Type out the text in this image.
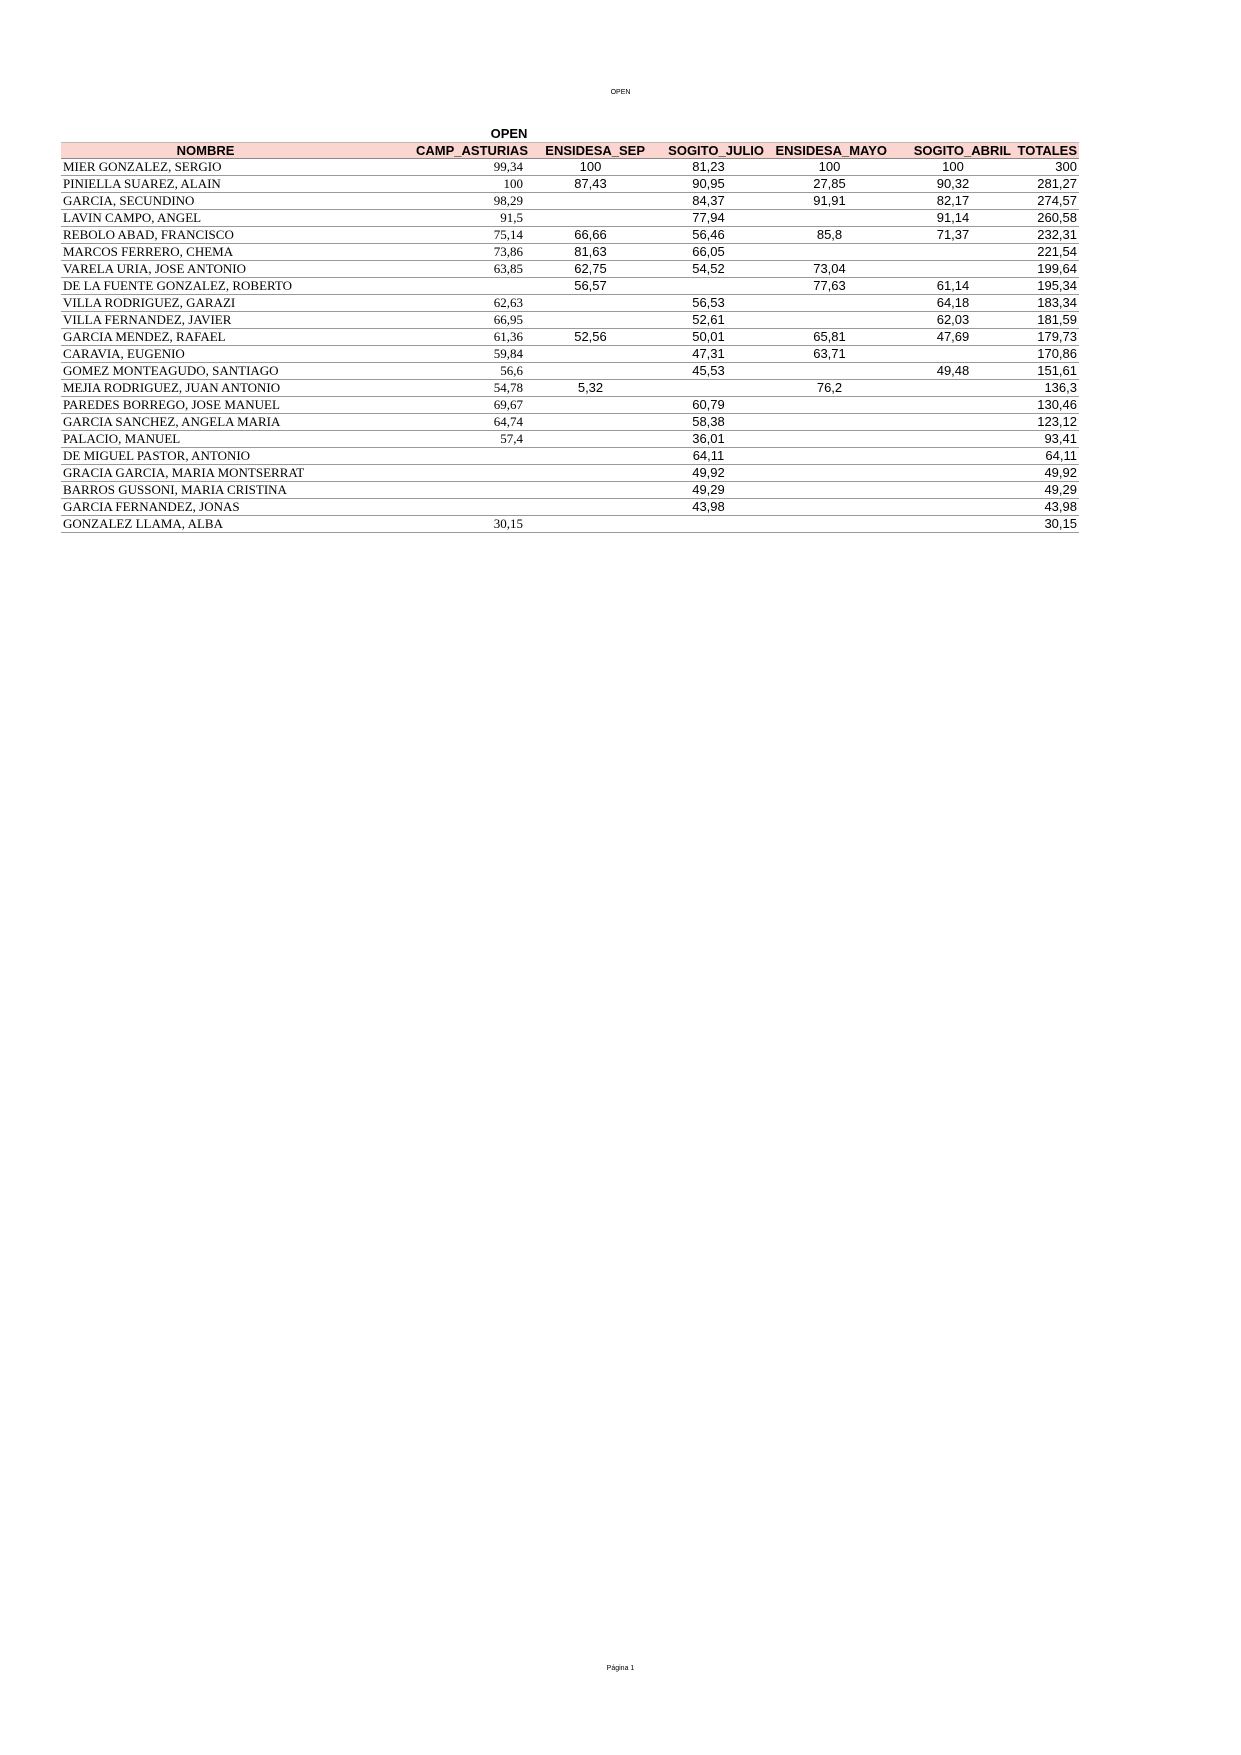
OPEN
OPEN
NOMBRE	CAMP_ASTURIAS	ENSIDESA_SEP	SOGITO_JULIO	ENSIDESA_MAYO	SOGITO_ABRIL	TOTALES
MIER GONZALEZ, SERGIO	99,34	100	81,23	100	100	300
PINIELLA SUAREZ, ALAIN	100	87,43	90,95	27,85	90,32	281,27
GARCIA, SECUNDINO	98,29		84,37	91,91	82,17	274,57
LAVIN CAMPO, ANGEL	91,5		77,94		91,14	260,58
REBOLO ABAD, FRANCISCO	75,14	66,66	56,46	85,8	71,37	232,31
MARCOS FERRERO, CHEMA	73,86	81,63	66,05			221,54
VARELA URIA, JOSE ANTONIO	63,85	62,75	54,52	73,04		199,64
DE LA FUENTE GONZALEZ, ROBERTO		56,57		77,63	61,14	195,34
VILLA RODRIGUEZ, GARAZI	62,63		56,53		64,18	183,34
VILLA FERNANDEZ, JAVIER	66,95		52,61		62,03	181,59
GARCIA MENDEZ, RAFAEL	61,36	52,56	50,01	65,81	47,69	179,73
CARAVIA, EUGENIO	59,84		47,31	63,71		170,86
GOMEZ MONTEAGUDO, SANTIAGO	56,6		45,53		49,48	151,61
MEJIA RODRIGUEZ, JUAN ANTONIO	54,78	5,32		76,2		136,3
PAREDES BORREGO, JOSE MANUEL	69,67		60,79			130,46
GARCIA SANCHEZ, ANGELA MARIA	64,74		58,38			123,12
PALACIO, MANUEL	57,4		36,01			93,41
DE MIGUEL PASTOR, ANTONIO			64,11			64,11
GRACIA GARCIA, MARIA MONTSERRAT			49,92			49,92
BARROS GUSSONI, MARIA CRISTINA			49,29			49,29
GARCIA FERNANDEZ, JONAS			43,98			43,98
GONZALEZ LLAMA, ALBA	30,15					30,15
Página 1
